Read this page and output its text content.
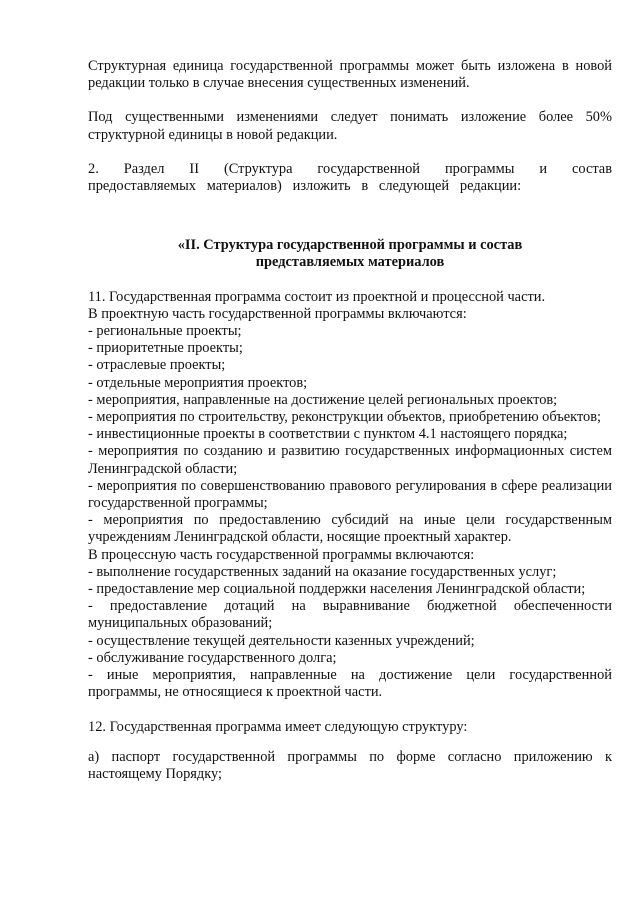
Структурная единица государственной программы может быть изложена в новой редакции только в случае внесения существенных изменений.

Под существенными изменениями следует понимать изложение более 50% структурной единицы в новой редакции.

2. Раздел II (Структура государственной программы и состав предоставляемых материалов) изложить в следующей редакции:

«II. Структура государственной программы и состав

представляемых материалов

11. Государственная программа состоит из проектной и процессной части.

В проектную часть государственной программы включаются:

- региональные проекты;

- приоритетные проекты;

- отраслевые проекты;

- отдельные мероприятия проектов;

- мероприятия, направленные на достижение целей региональных проектов;

- мероприятия по строительству, реконструкции объектов, приобретению объектов;

- инвестиционные проекты в соответствии с пунктом 4.1 настоящего порядка;

- мероприятия по созданию и развитию государственных информационных систем Ленинградской области;

- мероприятия по совершенствованию правового регулирования в сфере реализации государственной программы;

- мероприятия по предоставлению субсидий на иные цели государственным учреждениям Ленинградской области, носящие проектный характер.

В процессную часть государственной программы включаются:

- выполнение государственных заданий на оказание государственных услуг;

- предоставление мер социальной поддержки населения Ленинградской области;

- предоставление дотаций на выравнивание бюджетной обеспеченности муниципальных образований;

- осуществление текущей деятельности казенных учреждений;

- обслуживание государственного долга;

- иные мероприятия, направленные на достижение цели государственной программы, не относящиеся к проектной части.

12. Государственная программа имеет следующую структуру:

а) паспорт государственной программы по форме согласно приложению к настоящему Порядку;
